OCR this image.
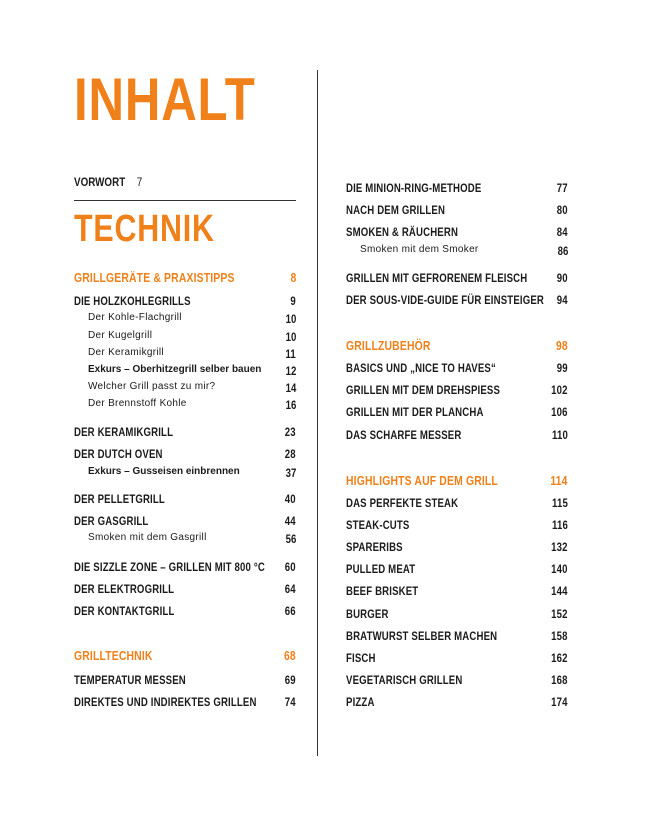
INHALT
VORWORT 7
TECHNIK
GRILLGERÄTE & PRAXISTIPPS	8
DIE HOLZKOHLEGRILLS	9
Der Kohle-Flachgrill	10
Der Kugelgrill	10
Der Keramikgrill	11
Exkurs – Oberhitzegrill selber bauen 12
Welcher Grill passt zu mir?	14
Der Brennstoff Kohle	16
DER KERAMIKGRILL	23
DER DUTCH OVEN	28
Exkurs – Gusseisen einbrennen	37
DER PELLETGRILL	40
DER GASGRILL	44
Smoken mit dem Gasgrill	56
DIE SIZZLE ZONE – GRILLEN MIT 800 °C 60
DER ELEKTROGRILL	64
DER KONTAKTGRILL	66
GRILLTECHNIK	68
TEMPERATUR MESSEN	69
DIREKTES UND INDIREKTES GRILLEN 74
DIE MINION-RING-METHODE	77
NACH DEM GRILLEN	80
SMOKEN & RÄUCHERN	84
Smoken mit dem Smoker	86
GRILLEN MIT GEFRORENEM FLEISCH 90
DER SOUS-VIDE-GUIDE FÜR EINSTEIGER 94
GRILLZUBEHÖR	98
BASICS UND „NICE TO HAVES“	99
GRILLEN MIT DEM DREHSPIESS	102
GRILLEN MIT DER PLANCHA	106
DAS SCHARFE MESSER	110
HIGHLIGHTS AUF DEM GRILL	114
DAS PERFEKTE STEAK	115
STEAK-CUTS	116
SPARERIBS	132
PULLED MEAT	140
BEEF BRISKET	144
BURGER	152
BRATWURST SELBER MACHEN	158
FISCH	162
VEGETARISCH GRILLEN	168
PIZZA	174
